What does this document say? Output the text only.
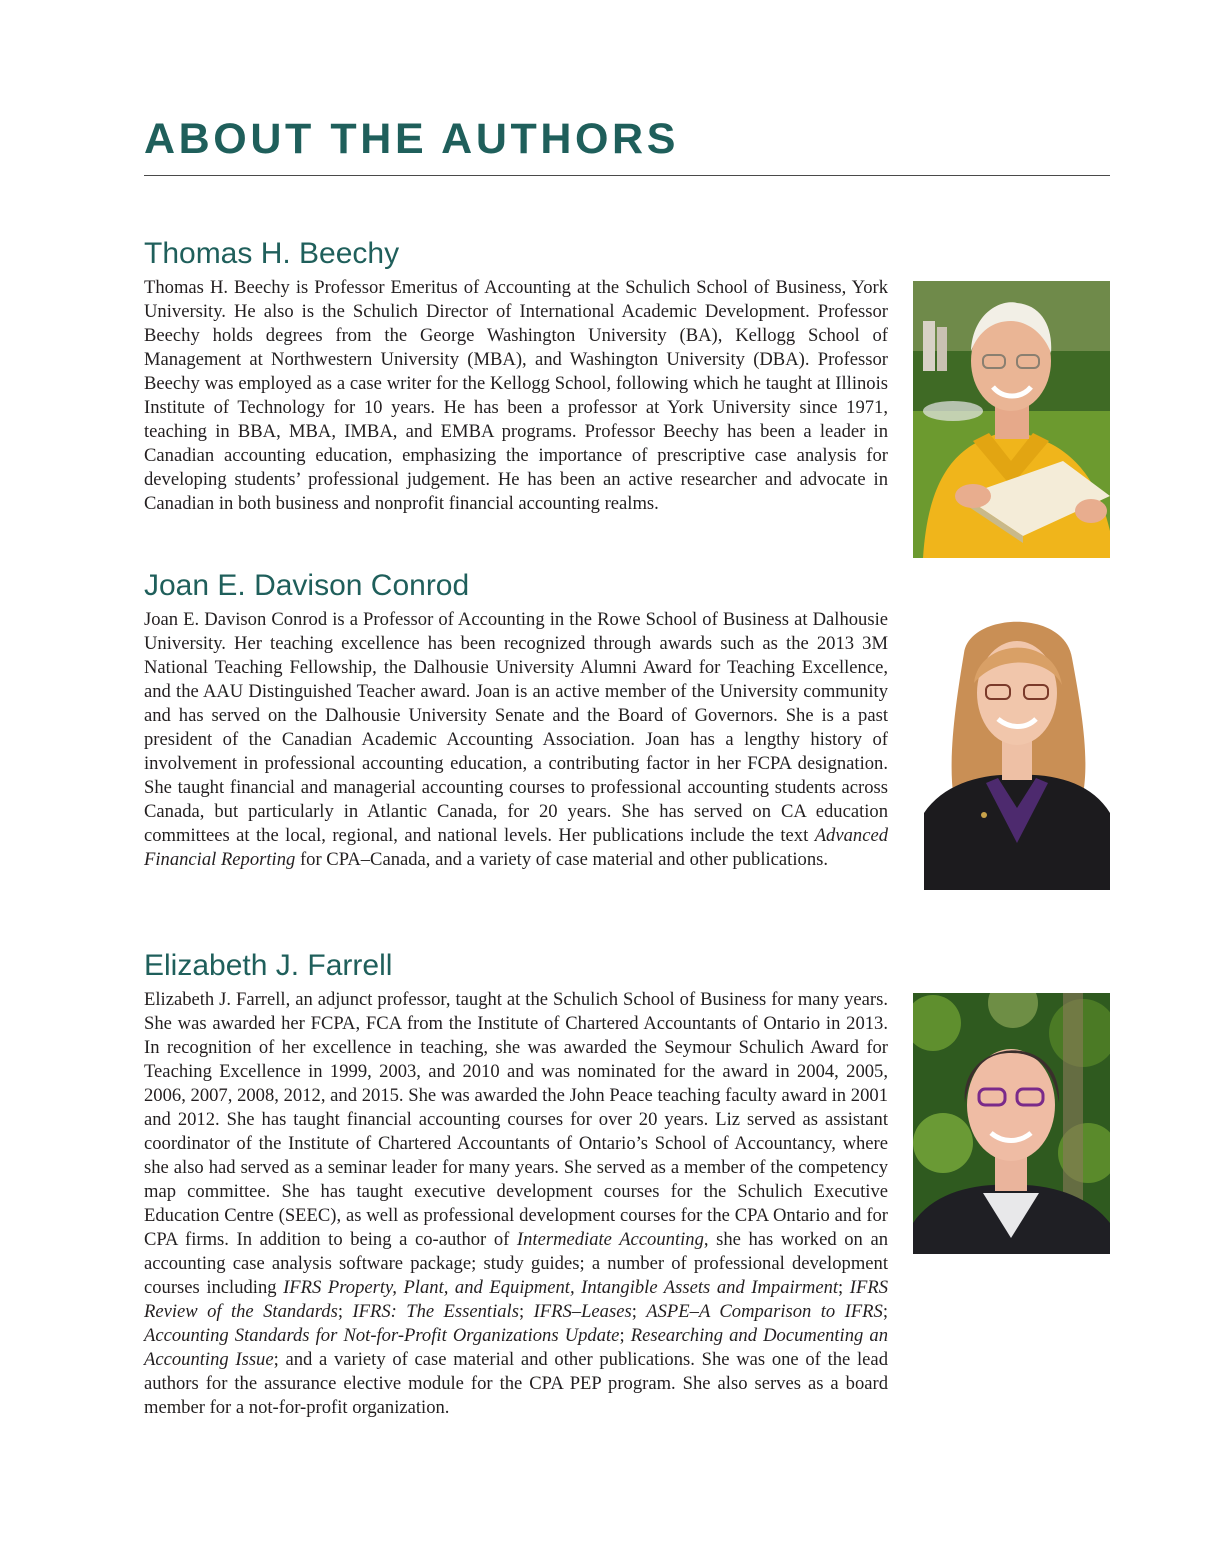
ABOUT THE AUTHORS
Thomas H. Beechy

Thomas H. Beechy is Professor Emeritus of Accounting at the Schulich School of Business, York University. He also is the Schulich Director of International Academic Development. Professor Beechy holds degrees from the George Washington University (BA), Kellogg School of Management at Northwestern University (MBA), and Washington University (DBA). Professor Beechy was employed as a case writer for the Kellogg School, following which he taught at Illinois Institute of Technology for 10 years. He has been a professor at York University since 1971, teaching in BBA, MBA, IMBA, and EMBA programs. Professor Beechy has been a leader in Canadian accounting education, emphasizing the importance of prescriptive case analysis for developing students’ professional judgement. He has been an active researcher and advocate in Canadian in both business and nonprofit financial accounting realms.

Joan E. Davison Conrod

Joan E. Davison Conrod is a Professor of Accounting in the Rowe School of Business at Dalhousie University. Her teaching excellence has been recognized through awards such as the 2013 3M National Teaching Fellowship, the Dalhousie University Alumni Award for Teaching Excellence, and the AAU Distinguished Teacher award. Joan is an active member of the University community and has served on the Dalhousie University Senate and the Board of Governors. She is a past president of the Canadian Academic Accounting Association. Joan has a lengthy history of involvement in professional accounting education, a contributing factor in her FCPA designation. She taught financial and managerial accounting courses to professional accounting students across Canada, but particularly in Atlantic Canada, for 20 years. She has served on CA education committees at the local, regional, and national levels. Her publications include the text Advanced Financial Reporting for CPA–Canada, and a variety of case material and other publications.

Elizabeth J. Farrell

Elizabeth J. Farrell, an adjunct professor, taught at the Schulich School of Business for many years. She was awarded her FCPA, FCA from the Institute of Chartered Accountants of Ontario in 2013. In recognition of her excellence in teaching, she was awarded the Seymour Schulich Award for Teaching Excellence in 1999, 2003, and 2010 and was nominated for the award in 2004, 2005, 2006, 2007, 2008, 2012, and 2015. She was awarded the John Peace teaching faculty award in 2001 and 2012. She has taught financial accounting courses for over 20 years. Liz served as assistant coordinator of the Institute of Chartered Accountants of Ontario’s School of Accountancy, where she also had served as a seminar leader for many years. She served as a member of the competency map committee. She has taught executive development courses for the Schulich Executive Education Centre (SEEC), as well as professional development courses for the CPA Ontario and for CPA firms. In addition to being a co-author of Intermediate Accounting, she has worked on an accounting case analysis software package; study guides; a number of professional development courses including IFRS Property, Plant, and Equipment, Intangible Assets and Impairment; IFRS Review of the Standards; IFRS: The Essentials; IFRS–Leases; ASPE–A Comparison to IFRS; Accounting Standards for Not-for-Profit Organizations Update; Researching and Documenting an Accounting Issue; and a variety of case material and other publications. She was one of the lead authors for the assurance elective module for the CPA PEP program. She also serves as a board member for a not-for-profit organization.
